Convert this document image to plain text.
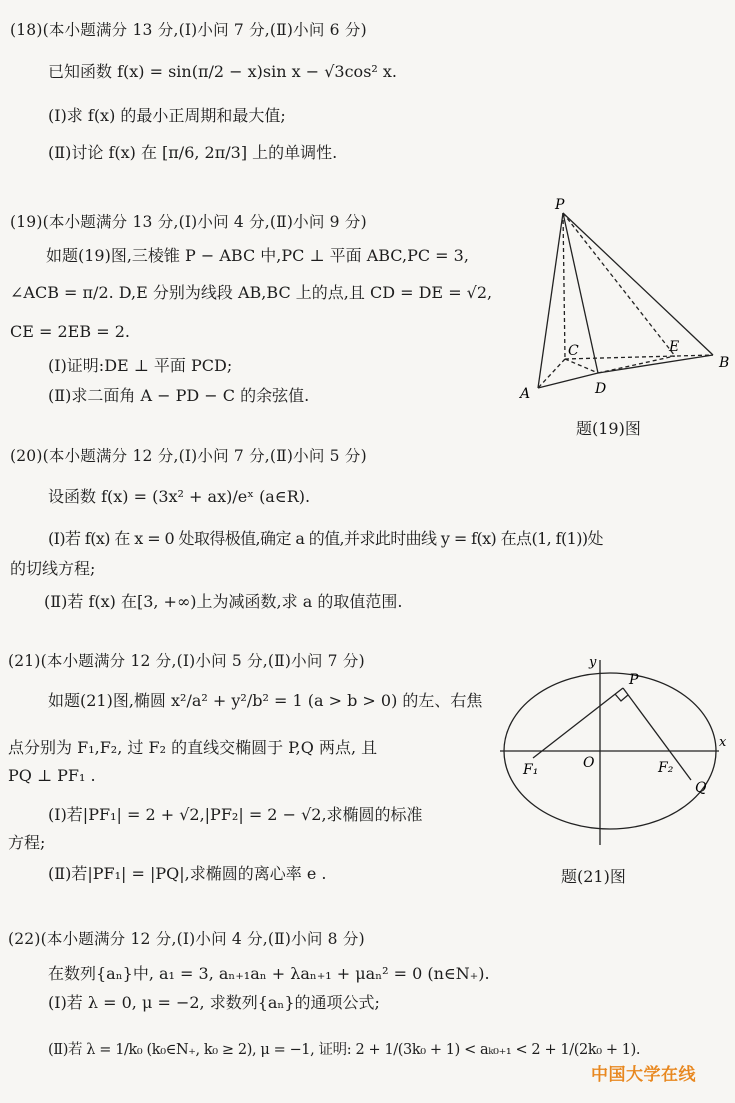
(18)(本小题满分 13 分,(Ⅰ)小问 7 分,(Ⅱ)小问 6 分)
已知函数 f(x) = sin(π/2 − x)sin x − √3cos² x.
(Ⅰ)求 f(x) 的最小正周期和最大值;
(Ⅱ)讨论 f(x) 在 [π/6, 2π/3] 上的单调性.
(19)(本小题满分 13 分,(Ⅰ)小问 4 分,(Ⅱ)小问 9 分)
如题(19)图,三棱锥 P − ABC 中,PC ⊥ 平面 ABC,PC = 3,
∠ACB = π/2. D,E 分别为线段 AB,BC 上的点,且 CD = DE = √2,
CE = 2EB = 2.
(Ⅰ)证明:DE ⊥ 平面 PCD;
(Ⅱ)求二面角 A − PD − C 的余弦值.
P
C	E
B
A	D
题(19)图
(20)(本小题满分 12 分,(Ⅰ)小问 7 分,(Ⅱ)小问 5 分)
设函数 f(x) = (3x² + ax)/eˣ (a∈R).
(Ⅰ)若 f(x) 在 x = 0 处取得极值,确定 a 的值,并求此时曲线 y = f(x) 在点(1, f(1))处
的切线方程;
(Ⅱ)若 f(x) 在[3, +∞)上为减函数,求 a 的取值范围.
(21)(本小题满分 12 分,(Ⅰ)小问 5 分,(Ⅱ)小问 7 分)
如题(21)图,椭圆 x²/a² + y²/b² = 1 (a > b > 0) 的左、右焦
点分别为 F₁,F₂, 过 F₂ 的直线交椭圆于 P,Q 两点, 且
PQ ⊥ PF₁ .
(Ⅰ)若|PF₁| = 2 + √2,|PF₂| = 2 − √2,求椭圆的标准
方程;
(Ⅱ)若|PF₁| = |PQ|,求椭圆的离心率 e .
y
x
P
O
F₁	F₂
Q
题(21)图
(22)(本小题满分 12 分,(Ⅰ)小问 4 分,(Ⅱ)小问 8 分)
在数列{aₙ}中, a₁ = 3, aₙ₊₁aₙ + λaₙ₊₁ + μaₙ² = 0 (n∈N₊).
(Ⅰ)若 λ = 0, μ = −2, 求数列{aₙ}的通项公式;
(Ⅱ)若 λ = 1/k₀ (k₀∈N₊, k₀ ≥ 2), μ = −1, 证明: 2 + 1/(3k₀ + 1) < aₖ₀₊₁ < 2 + 1/(2k₀ + 1).
中国大学在线
